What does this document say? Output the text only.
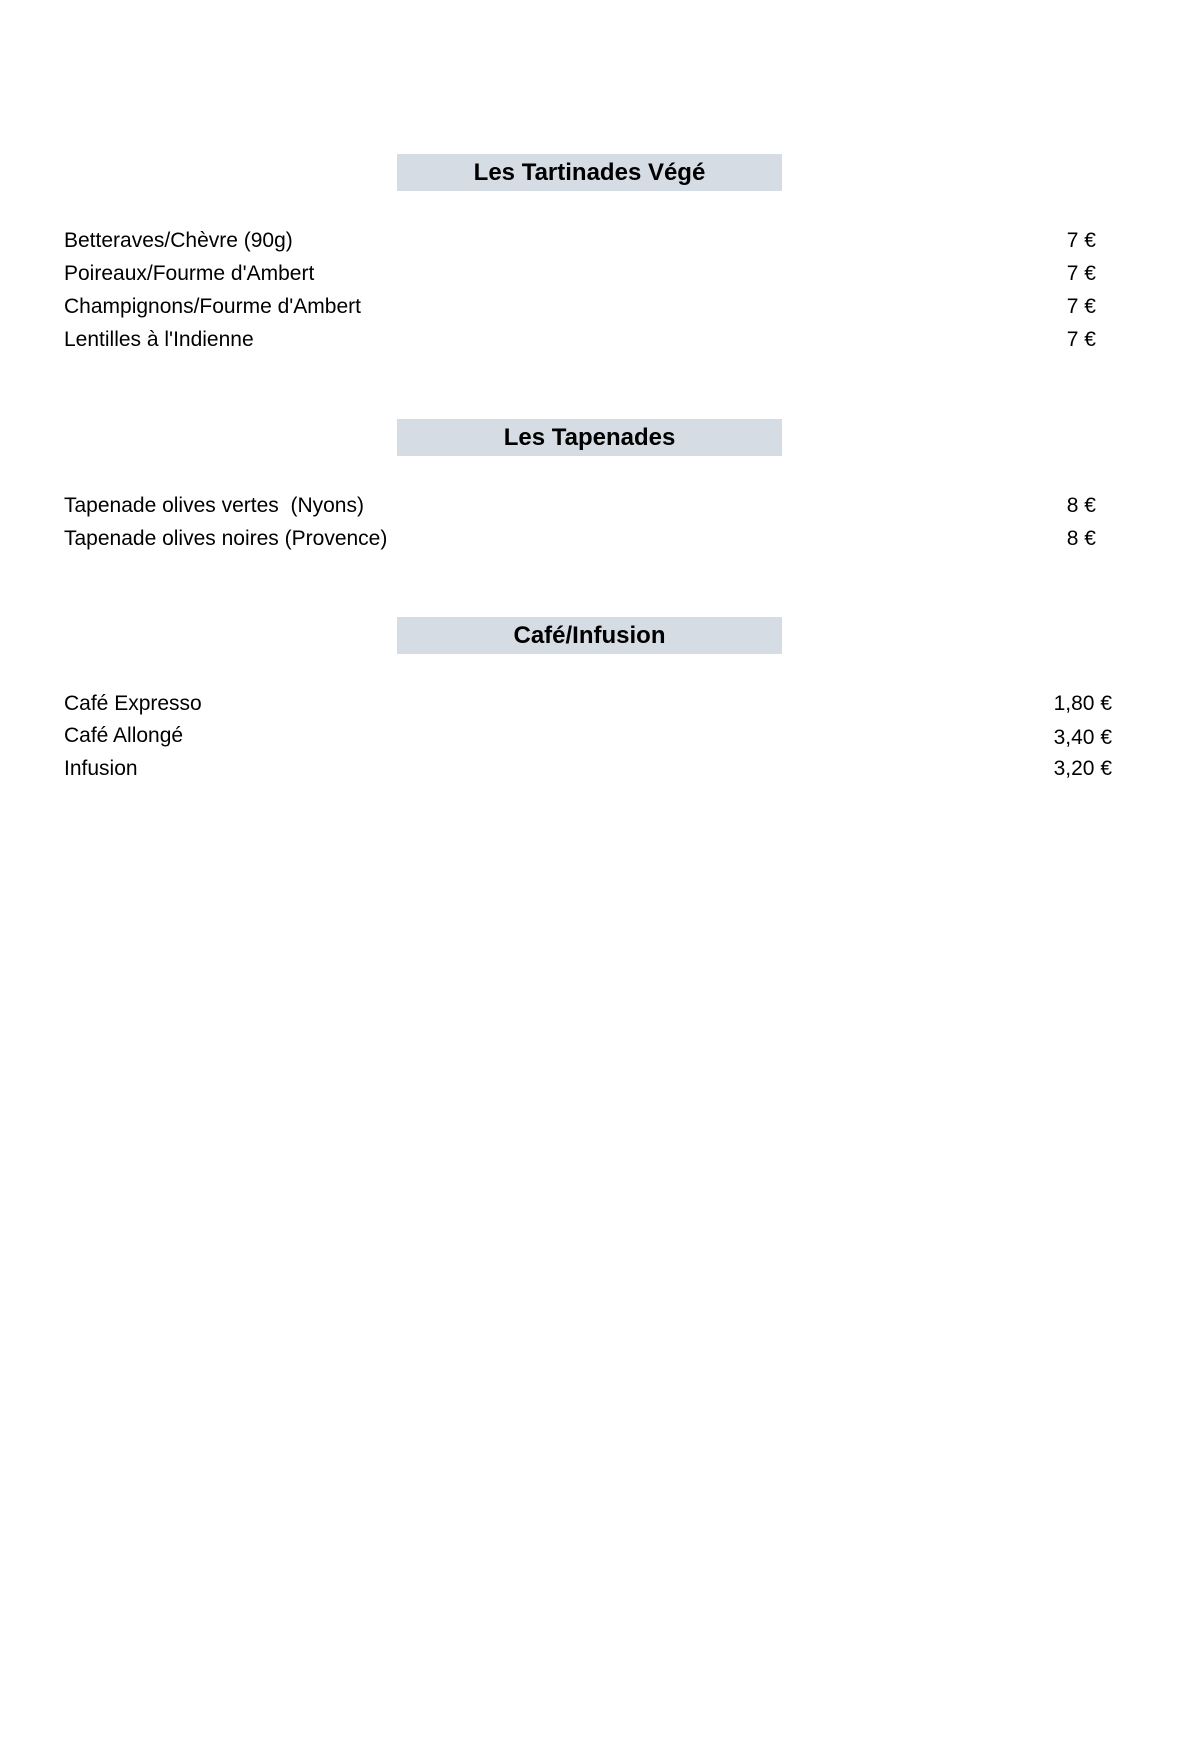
Les Tartinades Végé
Betteraves/Chèvre (90g)	7 €
Poireaux/Fourme d'Ambert	7 €
Champignons/Fourme d'Ambert	7 €
Lentilles à l'Indienne	7 €
Les Tapenades
Tapenade olives vertes  (Nyons)	8 €
Tapenade olives noires (Provence)	8 €
Café/Infusion
Café Expresso	1,80 €
Café Allongé	3,40 €
Infusion	3,20 €
